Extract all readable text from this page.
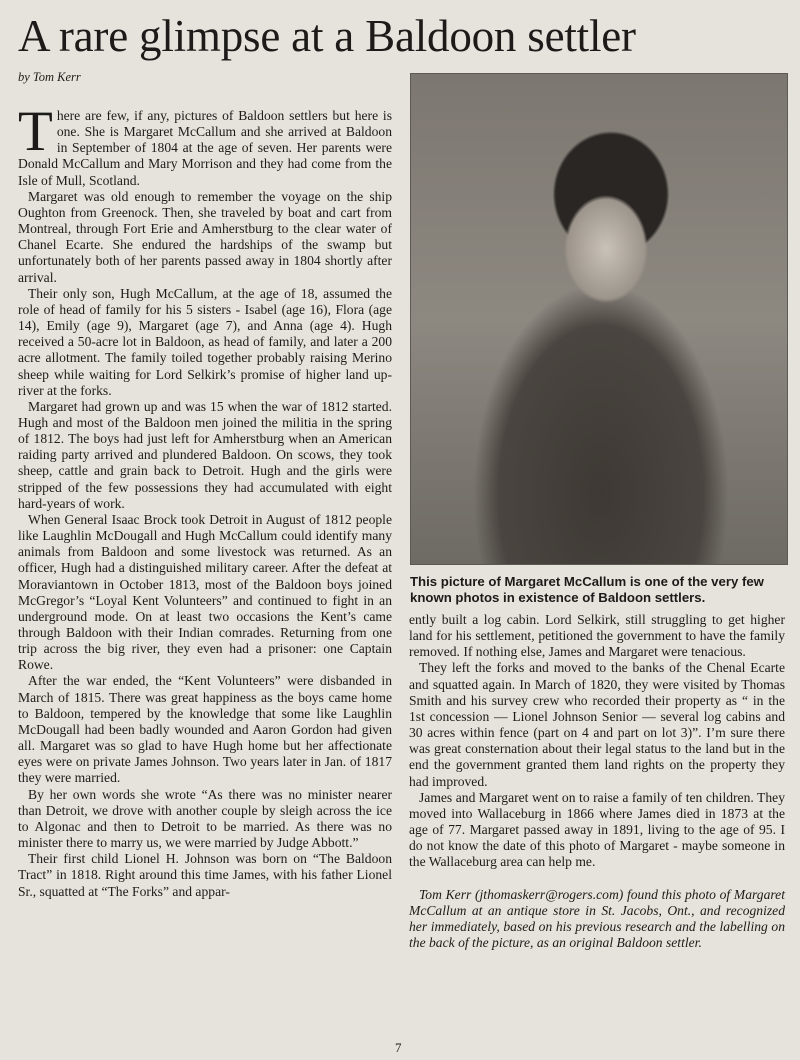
A rare glimpse at a Baldoon settler
by Tom Kerr

There are few, if any, pictures of Baldoon settlers but here is one. She is Margaret McCallum and she arrived at Baldoon in September of 1804 at the age of seven. Her parents were Donald McCallum and Mary Morrison and they had come from the Isle of Mull, Scotland.

Margaret was old enough to remember the voyage on the ship Oughton from Greenock. Then, she traveled by boat and cart from Montreal, through Fort Erie and Amherstburg to the clear water of Chanel Ecarte. She endured the hardships of the swamp but unfortunately both of her parents passed away in 1804 shortly after arrival.

Their only son, Hugh McCallum, at the age of 18, assumed the role of head of family for his 5 sisters - Isabel (age 16), Flora (age 14), Emily (age 9), Margaret (age 7), and Anna (age 4). Hugh received a 50-acre lot in Baldoon, as head of family, and later a 200 acre allotment. The family toiled together probably raising Merino sheep while waiting for Lord Selkirk’s promise of higher land up-river at the forks.

Margaret had grown up and was 15 when the war of 1812 started. Hugh and most of the Baldoon men joined the militia in the spring of 1812. The boys had just left for Amherstburg when an American raiding party arrived and plundered Baldoon. On scows, they took sheep, cattle and grain back to Detroit. Hugh and the girls were stripped of the few possessions they had accumulated with eight hard-years of work.

When General Isaac Brock took Detroit in August of 1812 people like Laughlin McDougall and Hugh McCallum could identify many animals from Baldoon and some livestock was returned. As an officer, Hugh had a distinguished military career. After the defeat at Moraviantown in October 1813, most of the Baldoon boys joined McGregor’s “Loyal Kent Volunteers” and continued to fight in an underground mode. On at least two occasions the Kent’s came through Baldoon with their Indian comrades. Returning from one trip across the big river, they even had a prisoner: one Captain Rowe.

After the war ended, the “Kent Volunteers” were disbanded in March of 1815. There was great happiness as the boys came home to Baldoon, tempered by the knowledge that some like Laughlin McDougall had been badly wounded and Aaron Gordon had given all. Margaret was so glad to have Hugh home but her affectionate eyes were on private James Johnson. Two years later in Jan. of 1817 they were married.

By her own words she wrote “As there was no minister nearer than Detroit, we drove with another couple by sleigh across the ice to Algonac and then to Detroit to be married. As there was no minister there to marry us, we were married by Judge Abbott.”

Their first child Lionel H. Johnson was born on “The Baldoon Tract” in 1818. Right around this time James, with his father Lionel Sr., squatted at “The Forks” and appar-

This picture of Margaret McCallum is one of the very few known photos in existence of Baldoon settlers.

ently built a log cabin. Lord Selkirk, still struggling to get higher land for his settlement, petitioned the government to have the family removed. If nothing else, James and Margaret were tenacious.

They left the forks and moved to the banks of the Chenal Ecarte and squatted again. In March of 1820, they were visited by Thomas Smith and his survey crew who recorded their property as “ in the 1st concession — Lionel Johnson Senior — several log cabins and 30 acres within fence (part on 4 and part on lot 3)”. I’m sure there was great consternation about their legal status to the land but in the end the government granted them land rights on the property they had improved.

James and Margaret went on to raise a family of ten children. They moved into Wallaceburg in 1866 where James died in 1873 at the age of 77. Margaret passed away in 1891, living to the age of 95. I do not know the date of this photo of Margaret - maybe someone in the Wallaceburg area can help me.

Tom Kerr (jthomaskerr@rogers.com) found this photo of Margaret McCallum at an antique store in St. Jacobs, Ont., and recognized her immediately, based on his previous research and the labelling on the back of the picture, as an original Baldoon settler.

7
